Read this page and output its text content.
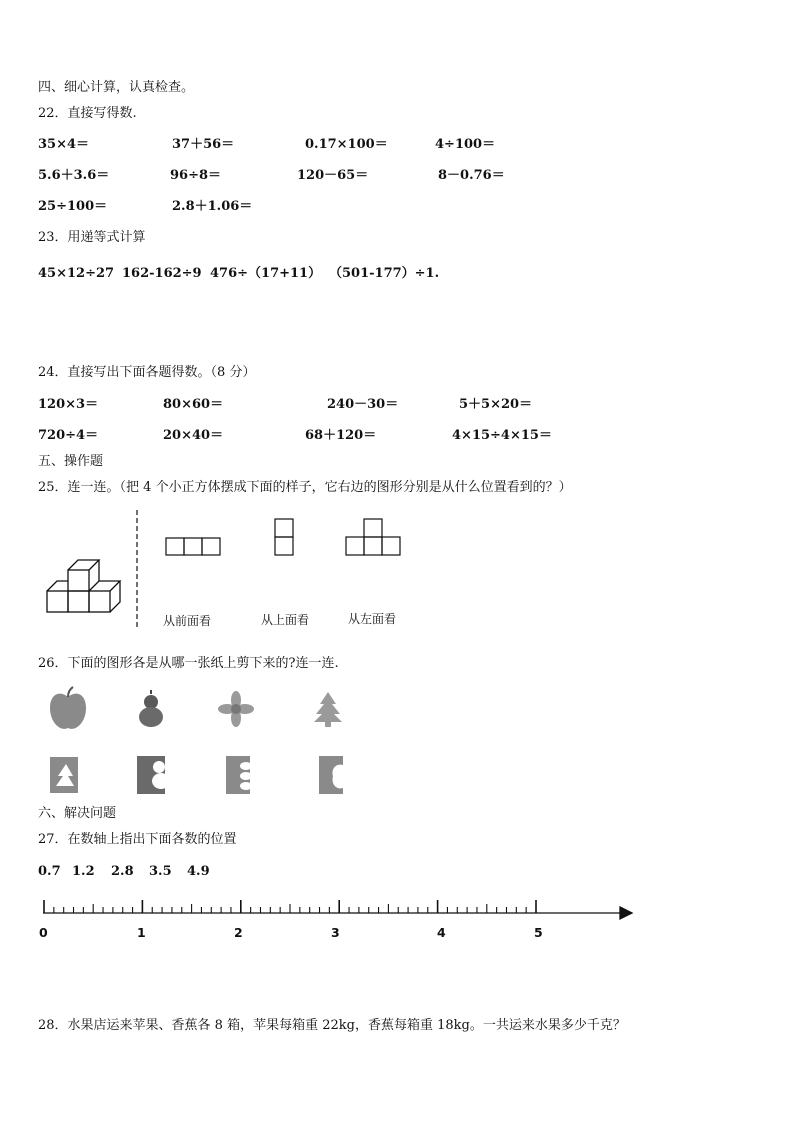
四、细心计算，认真检查。
22．直接写得数.
35×4＝	37＋56＝	0.17×100＝	4÷100＝
5.6＋3.6＝	96÷8＝	120－65＝	8－0.76＝
25÷100＝	2.8＋1.06＝
23．用递等式计算
45×12÷27 162-162÷9 476÷（17+11） （501-177）÷1.
24．直接写出下面各题得数。（8 分）
120×3＝	80×60＝	240－30＝	5＋5×20＝
720÷4＝	20×40＝	68＋120＝	4×15÷4×15＝
五、操作题
25．连一连。（把 4 个小正方体摆成下面的样子，它右边的图形分别是从什么位置看到的？）
从前面看	从上面看	从左面看
26．下面的图形各是从哪一张纸上剪下来的?连一连.
六、解决问题
27．在数轴上指出下面各数的位置
0.7 1.2 2.8 3.5 4.9
0	1	2	3	4	5
28．水果店运来苹果、香蕉各 8 箱，苹果每箱重 22kg，香蕉每箱重 18kg。一共运来水果多少千克？
